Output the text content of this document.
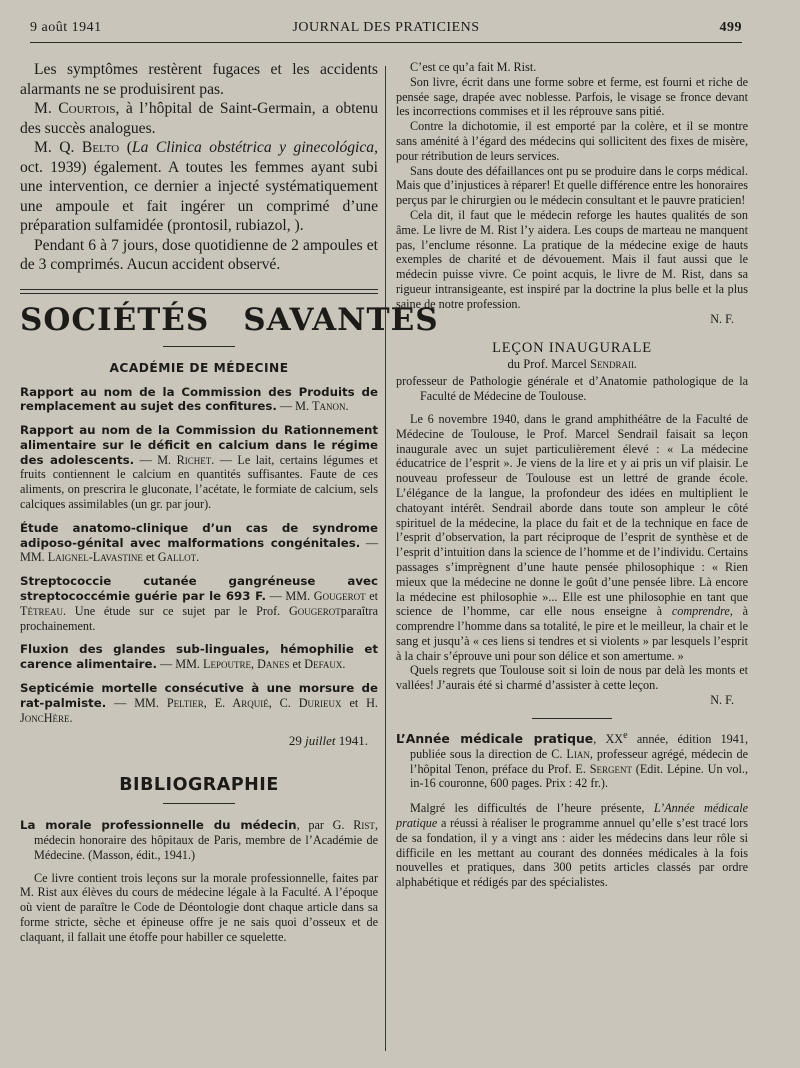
9 août 1941	JOURNAL DES PRATICIENS	499

Les symptômes restèrent fugaces et les accidents alarmants ne se produisirent pas.

M. Courtois, à l’hôpital de Saint-Germain, a obtenu des succès analogues.

M. Q. Belto (La Clinica obstétrica y ginecológica, oct. 1939) également. A toutes les femmes ayant subi une intervention, ce dernier a injecté systématiquement une ampoule et fait ingérer un comprimé d’une préparation sulfamidée (prontosil, rubiazol, ).

Pendant 6 à 7 jours, dose quotidienne de 2 ampoules et de 3 comprimés. Aucun accident observé.

SOCIÉTÉS SAVANTES
ACADÉMIE DE MÉDECINE

Rapport au nom de la Commission des Produits de remplacement au sujet des confitures. — M. Tanon.

Rapport au nom de la Commission du Rationnement alimentaire sur le déficit en calcium dans le régime des adolescents. — M. Richet. — Le lait, certains légumes et fruits contiennent le calcium en quantités suffisantes. Faute de ces aliments, on prescrira le gluconate, l’acétate, le formiate de calcium, sels calciques assimilables (un gr. par jour).

Étude anatomo-clinique d’un cas de syndrome adiposo-génital avec malformations congénitales. — MM. Laignel-Lavastine et Gallot.

Streptococcie cutanée gangréneuse avec streptococcémie guérie par le 693 F. — MM. Gougerot et Tétreau. Une étude sur ce sujet par le Prof. Gougerotparaîtra prochainement.

Fluxion des glandes sub-linguales, hémophilie et carence alimentaire. — MM. Lepoutre, Danes et Defaux.

Septicémie mortelle consécutive à une morsure de rat-palmiste. — MM. Peltier, E. Arquié, C. Durieux et H. JoncHère.

29 juillet 1941.
BIBLIOGRAPHIE

La morale professionnelle du médecin, par G. Rist, médecin honoraire des hôpitaux de Paris, membre de l’Académie de Médecine. (Masson, édit., 1941.)

Ce livre contient trois leçons sur la morale professionnelle, faites par M. Rist aux élèves du cours de médecine légale à la Faculté. A l’époque où vient de paraître le Code de Déontologie dont chaque article dans sa forme stricte, sèche et épineuse offre je ne sais quoi d’osseux et de claquant, il fallait une étoffe pour habiller ce squelette.

C’est ce qu’a fait M. Rist.

Son livre, écrit dans une forme sobre et ferme, est fourni et riche de pensée sage, drapée avec noblesse. Parfois, le visage se fronce devant les incorrections commises et il les réprouve sans pitié.

Contre la dichotomie, il est emporté par la colère, et il se montre sans aménité à l’égard des médecins qui sollicitent des fixes de misère, pour rétribution de leurs services.

Sans doute des défaillances ont pu se produire dans le corps médical. Mais que d’injustices à réparer! Et quelle différence entre les honoraires perçus par le chirurgien ou le médecin consultant et le pauvre praticien!

Cela dit, il faut que le médecin reforge les hautes qualités de son âme. Le livre de M. Rist l’y aidera. Les coups de marteau ne manquent pas, l’enclume résonne. La pratique de la médecine exige de hauts exemples de charité et de dévouement. Mais il faut aussi que le médecin puisse vivre. Ce point acquis, le livre de M. Rist, dans sa rigueur intransigeante, est inspiré par la doctrine la plus belle et la plus saine de notre profession.

N. F.

LEÇON INAUGURALE
du Prof. Marcel Sendrail

professeur de Pathologie générale et d’Anatomie pathologique de la Faculté de Médecine de Toulouse.

Le 6 novembre 1940, dans le grand amphithéâtre de la Faculté de Médecine de Toulouse, le Prof. Marcel Sendrail faisait sa leçon inaugurale avec un sujet particulièrement élevé : « La médecine éducatrice de l’esprit ». Je viens de la lire et y ai pris un vif plaisir. Le nouveau professeur de Toulouse est un lettré de grande école. L’élégance de la langue, la profondeur des idées en multiplient le chatoyant intérêt. Sendrail aborde dans toute son ampleur le côté spirituel de la médecine, la place du fait et de la technique en face de l’esprit d’observation, la part réciproque de l’esprit de synthèse et de l’esprit d’intuition dans la science de l’homme et de l’individu. Certains passages s’imprègnent d’une haute pensée philosophique : « Rien mieux que la médecine ne donne le goût d’une pensée libre. Là encore la médecine est philosophie »... Elle est une philosophie en tant que science de l’homme, car elle nous enseigne à comprendre, à comprendre l’homme dans sa totalité, le pire et le meilleur, la chair et le sang et jusqu’à « ces liens si tendres et si violents » par lesquels l’esprit à la chair s’éprouve uni pour son délice et son amertume. »

Quels regrets que Toulouse soit si loin de nous par delà les monts et vallées! J’aurais été si charmé d’assister à cette leçon.

N. F.

L’Année médicale pratique, XXe année, édition 1941, publiée sous la direction de C. Lian, professeur agrégé, médecin de l’hôpital Tenon, préface du Prof. E. Sergent (Edit. Lépine. Un vol., in-16 couronne, 600 pages. Prix : 42 fr.).

Malgré les difficultés de l’heure présente, L’Année médicale pratique a réussi à réaliser le programme annuel qu’elle s’est tracé lors de sa fondation, il y a vingt ans : aider les médecins dans leur rôle si difficile en les mettant au courant des données médicales à la fois nouvelles et pratiques, dans 300 petits articles classés par ordre alphabétique et rédigés par des spécialistes.
